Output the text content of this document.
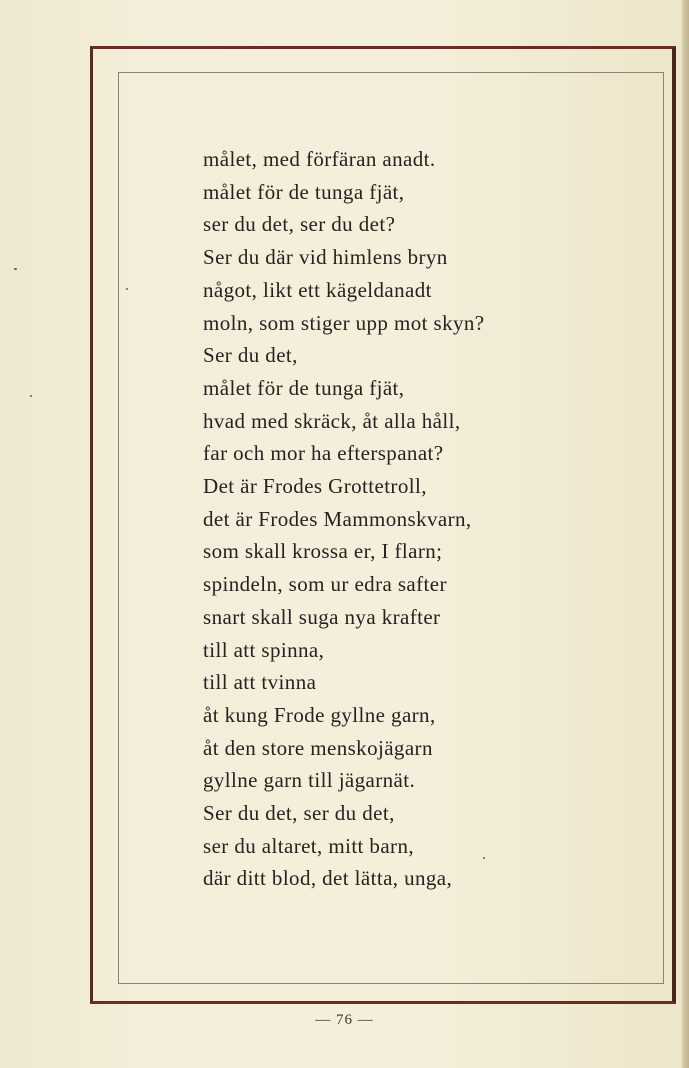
målet, med förfäran anadt.
målet för de tunga fjät,
ser du det, ser du det?
Ser du där vid himlens bryn
något, likt ett kägeldanadt
moln, som stiger upp mot skyn?
Ser du det,
målet för de tunga fjät,
hvad med skräck, åt alla håll,
far och mor ha efterspanat?
Det är Frodes Grottetroll,
det är Frodes Mammonskvarn,
som skall krossa er, I flarn;
spindeln, som ur edra safter
snart skall suga nya krafter
till att spinna,
till att tvinna
åt kung Frode gyllne garn,
åt den store menskojägarn
gyllne garn till jägarnät.
Ser du det, ser du det,
ser du altaret, mitt barn,
där ditt blod, det lätta, unga,
— 76 —
